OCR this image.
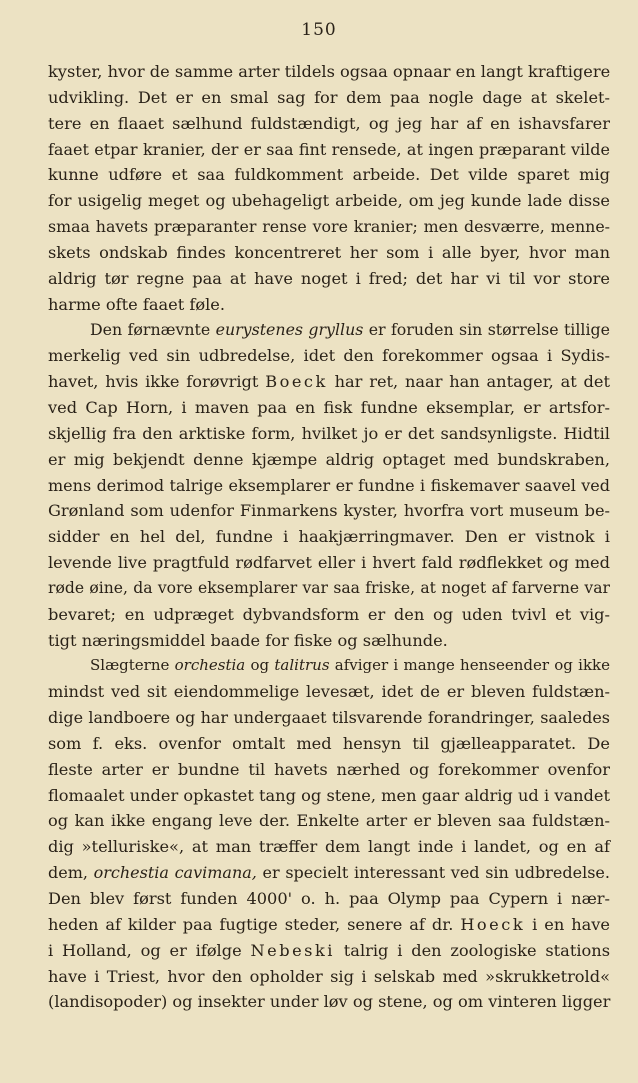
150
kyster, hvor de samme arter tildels ogsaa opnaar en langt kraftigere
udvikling. Det er en smal sag for dem paa nogle dage at skelet-
tere en flaaet sælhund fuldstændigt, og jeg har af en ishavsfarer
faaet etpar kranier, der er saa fint rensede, at ingen præparant vilde
kunne udføre et saa fuldkomment arbeide. Det vilde sparet mig
for usigelig meget og ubehageligt arbeide, om jeg kunde lade disse
smaa havets præparanter rense vore kranier; men desværre, menne-
skets ondskab findes koncentreret her som i alle byer, hvor man
aldrig tør regne paa at have noget i fred; det har vi til vor store
harme ofte faaet føle.
Den førnævnte eurystenes gryllus er foruden sin størrelse tillige
merkelig ved sin udbredelse, idet den forekommer ogsaa i Sydis-
havet, hvis ikke forøvrigt Boeck har ret, naar han antager, at det
ved Cap Horn, i maven paa en fisk fundne eksemplar, er artsfor-
skjellig fra den arktiske form, hvilket jo er det sandsynligste. Hidtil
er mig bekjendt denne kjæmpe aldrig optaget med bundskraben,
mens derimod talrige eksemplarer er fundne i fiskemaver saavel ved
Grønland som udenfor Finmarkens kyster, hvorfra vort museum be-
sidder en hel del, fundne i haakjærringmaver. Den er vistnok i
levende live pragtfuld rødfarvet eller i hvert fald rødflekket og med
røde øine, da vore eksemplarer var saa friske, at noget af farverne var
bevaret; en udpræget dybvandsform er den og uden tvivl et vig-
tigt næringsmiddel baade for fiske og sælhunde.
Slægterne orchestia og talitrus afviger i mange henseender og ikke
mindst ved sit eiendommelige levesæt, idet de er bleven fuldstæn-
dige landboere og har undergaaet tilsvarende forandringer, saaledes
som f. eks. ovenfor omtalt med hensyn til gjælleapparatet. De
fleste arter er bundne til havets nærhed og forekommer ovenfor
flomaalet under opkastet tang og stene, men gaar aldrig ud i vandet
og kan ikke engang leve der. Enkelte arter er bleven saa fuldstæn-
dig »telluriske«, at man træffer dem langt inde i landet, og en af
dem, orchestia cavimana, er specielt interessant ved sin udbredelse.
Den blev først funden 4000' o. h. paa Olymp paa Cypern i nær-
heden af kilder paa fugtige steder, senere af dr. Hoeck i en have
i Holland, og er ifølge Nebeski talrig i den zoologiske stations
have i Triest, hvor den opholder sig i selskab med »skrukketrold«
(landisopoder) og insekter under løv og stene, og om vinteren ligger
